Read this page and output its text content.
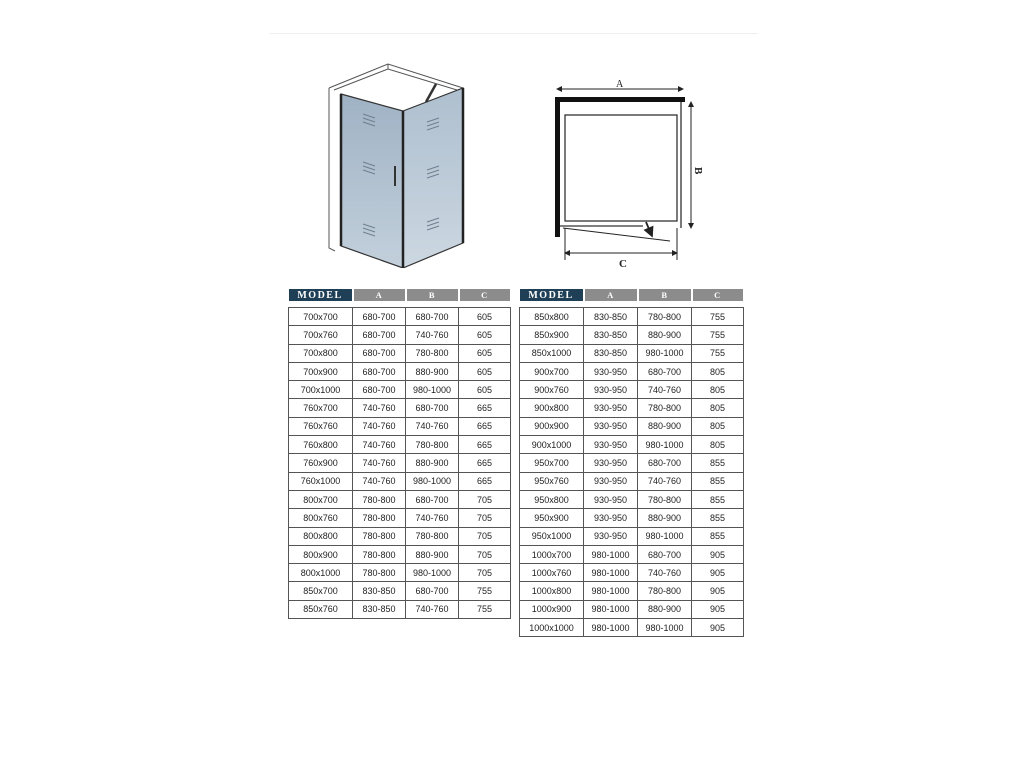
A
B
C
MODEL	A	B	C

700x700	680-700	680-700	605
700x760	680-700	740-760	605
700x800	680-700	780-800	605
700x900	680-700	880-900	605
700x1000	680-700	980-1000	605
760x700	740-760	680-700	665
760x760	740-760	740-760	665
760x800	740-760	780-800	665
760x900	740-760	880-900	665
760x1000	740-760	980-1000	665
800x700	780-800	680-700	705
800x760	780-800	740-760	705
800x800	780-800	780-800	705
800x900	780-800	880-900	705
800x1000	780-800	980-1000	705
850x700	830-850	680-700	755
850x760	830-850	740-760	755
MODEL	A	B	C

850x800	830-850	780-800	755
850x900	830-850	880-900	755
850x1000	830-850	980-1000	755
900x700	930-950	680-700	805
900x760	930-950	740-760	805
900x800	930-950	780-800	805
900x900	930-950	880-900	805
900x1000	930-950	980-1000	805
950x700	930-950	680-700	855
950x760	930-950	740-760	855
950x800	930-950	780-800	855
950x900	930-950	880-900	855
950x1000	930-950	980-1000	855
1000x700	980-1000	680-700	905
1000x760	980-1000	740-760	905
1000x800	980-1000	780-800	905
1000x900	980-1000	880-900	905
1000x1000	980-1000	980-1000	905
